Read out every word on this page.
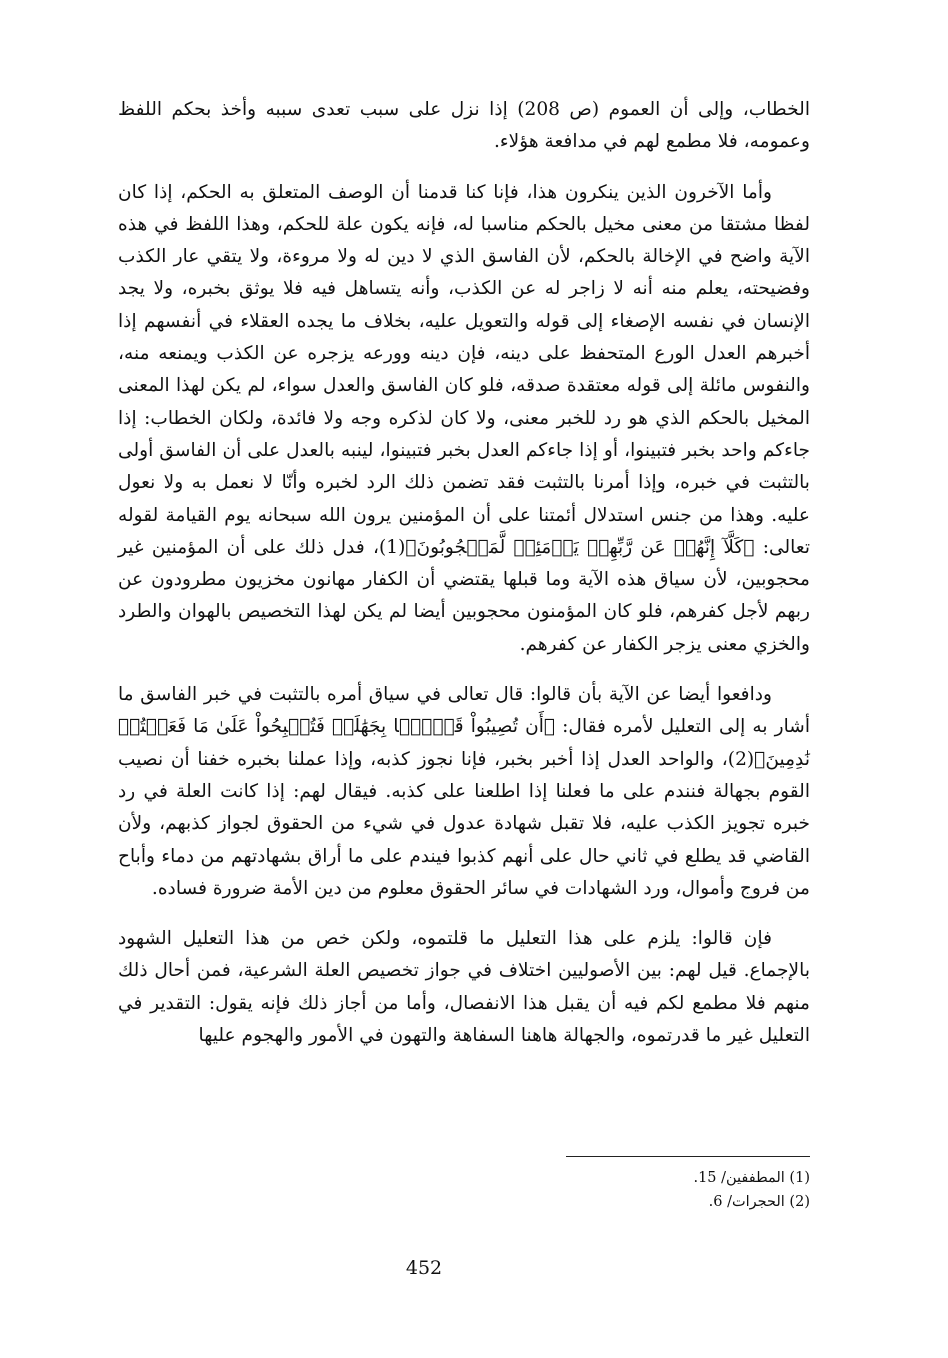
الخطاب، وإلى أن العموم (ص 208) إذا نزل على سبب تعدى سببه وأخذ بحكم اللفظ وعمومه، فلا مطمع لهم في مدافعة هؤلاء.

وأما الآخرون الذين ينكرون هذا، فإنا كنا قدمنا أن الوصف المتعلق به الحكم، إذا كان لفظا مشتقا من معنى مخيل بالحكم مناسبا له، فإنه يكون علة للحكم، وهذا اللفظ في هذه الآية واضح في الإخالة بالحكم، لأن الفاسق الذي لا دين له ولا مروءة، ولا يتقي عار الكذب وفضيحته، يعلم منه أنه لا زاجر له عن الكذب، وأنه يتساهل فيه فلا يوثق بخبره، ولا يجد الإنسان في نفسه الإصغاء إلى قوله والتعويل عليه، بخلاف ما يجده العقلاء في أنفسهم إذا أخبرهم العدل الورع المتحفظ على دينه، فإن دينه وورعه يزجره عن الكذب ويمنعه منه، والنفوس مائلة إلى قوله معتقدة صدقه، فلو كان الفاسق والعدل سواء، لم يكن لهذا المعنى المخيل بالحكم الذي هو رد للخبر معنى، ولا كان لذكره وجه ولا فائدة، ولكان الخطاب: إذا جاءكم واحد بخبر فتبينوا، أو إذا جاءكم العدل بخبر فتبينوا، لينبه بالعدل على أن الفاسق أولى بالتثبت في خبره، وإذا أمرنا بالتثبت فقد تضمن ذلك الرد لخبره وأنّا لا نعمل به ولا نعول عليه. وهذا من جنس استدلال أئمتنا على أن المؤمنين يرون الله سبحانه يوم القيامة لقوله تعالى: ﴿كَلَّآ إِنَّهُمۡ عَن رَّبِّهِمۡ يَوۡمَئِذٖ لَّمَحۡجُوبُونَ﴾(1)، فدل ذلك على أن المؤمنين غير محجوبين، لأن سياق هذه الآية وما قبلها يقتضي أن الكفار مهانون مخزيون مطرودون عن ربهم لأجل كفرهم، فلو كان المؤمنون محجوبين أيضا لم يكن لهذا التخصيص بالهوان والطرد والخزي معنى يزجر الكفار عن كفرهم.

ودافعوا أيضا عن الآية بأن قالوا: قال تعالى في سياق أمره بالتثبت في خبر الفاسق ما أشار به إلى التعليل لأمره فقال: ﴿أَن تُصِيبُواْ قَوۡمَۢا بِجَهَٰلَةٖ فَتُصۡبِحُواْ عَلَىٰ مَا فَعَلۡتُمۡ نَٰدِمِينَ﴾(2)، والواحد العدل إذا أخبر بخبر، فإنا نجوز كذبه، وإذا عملنا بخبره خفنا أن نصيب القوم بجهالة فنندم على ما فعلنا إذا اطلعنا على كذبه. فيقال لهم: إذا كانت العلة في رد خبره تجويز الكذب عليه، فلا تقبل شهادة عدول في شيء من الحقوق لجواز كذبهم، ولأن القاضي قد يطلع في ثاني حال على أنهم كذبوا فيندم على ما أراق بشهادتهم من دماء وأباح من فروج وأموال، ورد الشهادات في سائر الحقوق معلوم من دين الأمة ضرورة فساده.

فإن قالوا: يلزم على هذا التعليل ما قلتموه، ولكن خص من هذا التعليل الشهود بالإجماع. قيل لهم: بين الأصوليين اختلاف في جواز تخصيص العلة الشرعية، فمن أحال ذلك منهم فلا مطمع لكم فيه أن يقبل هذا الانفصال، وأما من أجاز ذلك فإنه يقول: التقدير في التعليل غير ما قدرتموه، والجهالة هاهنا السفاهة والتهون في الأمور والهجوم عليها

(1) المطففين/ 15.

(2) الحجرات/ 6.

452
